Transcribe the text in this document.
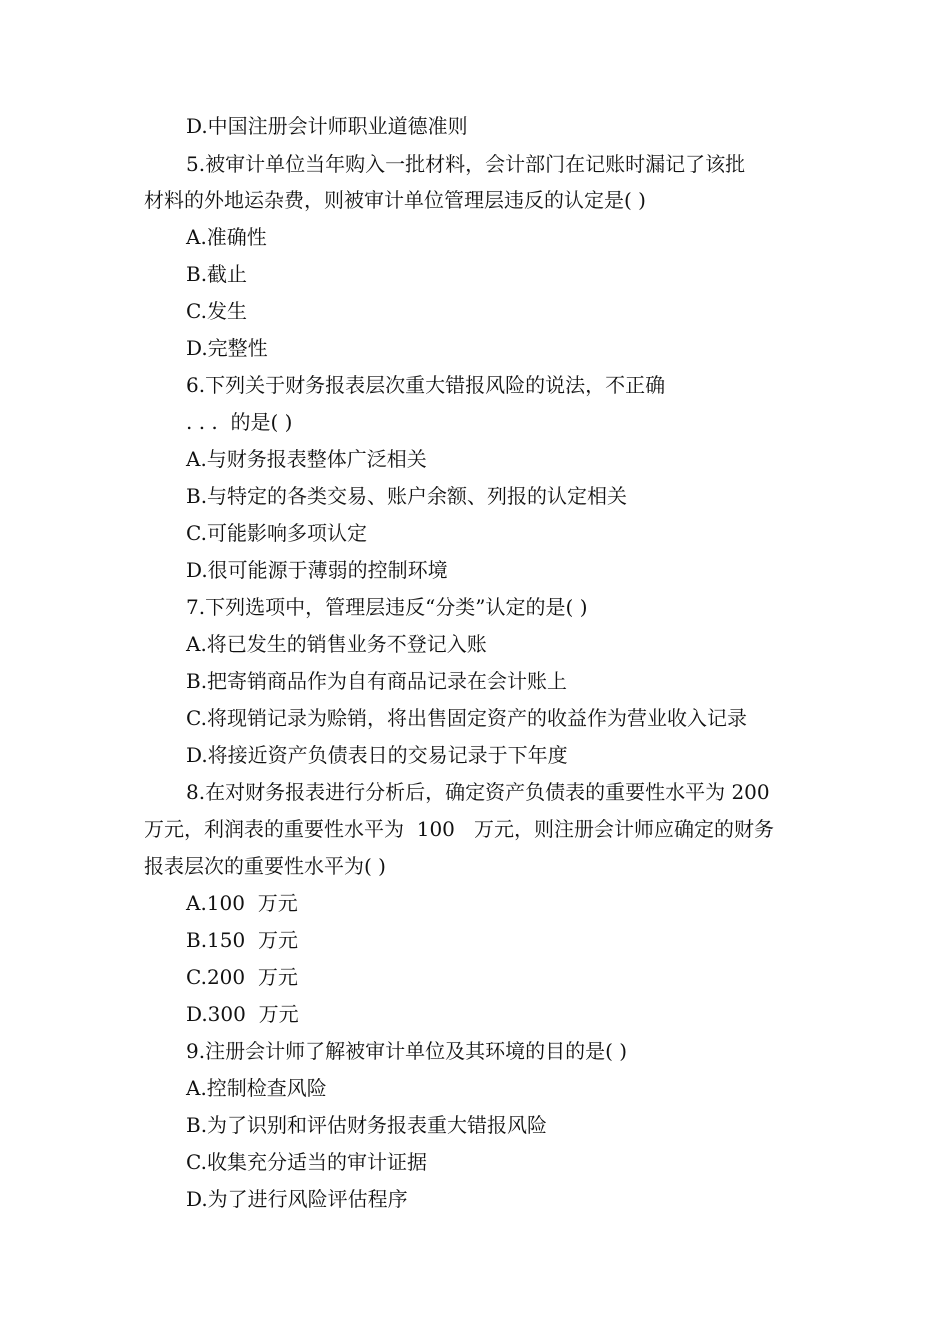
D.中国注册会计师职业道德准则
5.被审计单位当年购入一批材料，会计部门在记账时漏记了该批
材料的外地运杂费，则被审计单位管理层违反的认定是( )
A.准确性
B.截止
C.发生
D.完整性
6.下列关于财务报表层次重大错报风险的说法，不正确
. . .  的是( )
A.与财务报表整体广泛相关
B.与特定的各类交易、账户余额、列报的认定相关
C.可能影响多项认定
D.很可能源于薄弱的控制环境
7.下列选项中，管理层违反“分类”认定的是( )
A.将已发生的销售业务不登记入账
B.把寄销商品作为自有商品记录在会计账上
C.将现销记录为赊销，将出售固定资产的收益作为营业收入记录
D.将接近资产负债表日的交易记录于下年度
8.在对财务报表进行分析后，确定资产负债表的重要性水平为 200
万元，利润表的重要性水平为  100   万元，则注册会计师应确定的财务
报表层次的重要性水平为( )
A.100  万元
B.150  万元
C.200  万元
D.300  万元
9.注册会计师了解被审计单位及其环境的目的是( )
A.控制检查风险
B.为了识别和评估财务报表重大错报风险
C.收集充分适当的审计证据
D.为了进行风险评估程序
